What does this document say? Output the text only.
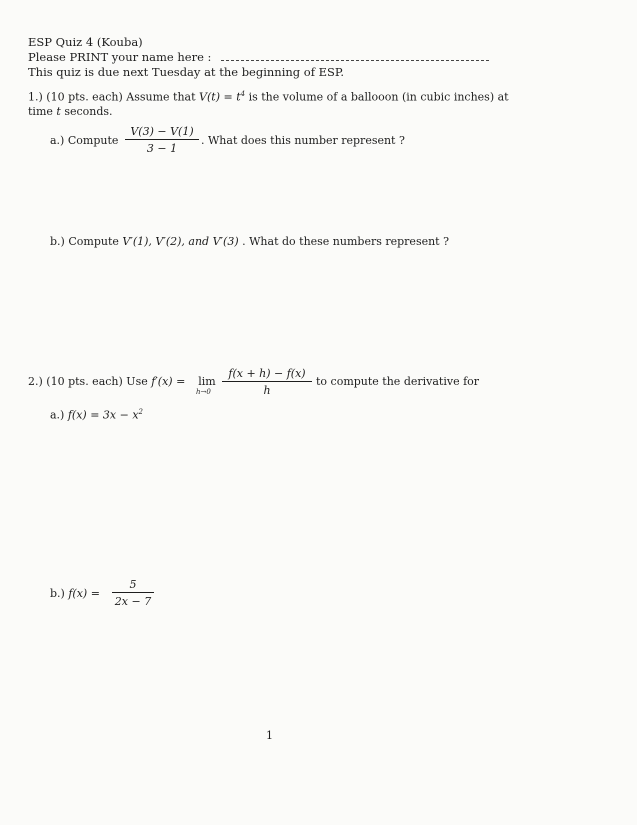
ESP Quiz 4 (Kouba)
Please PRINT your name here :
This quiz is due next Tuesday at the beginning of ESP.
1.) (10 pts. each) Assume that $V(t) = t^4$ is the volume of a ballooon (in cubic inches) at
time t seconds.
a.) Compute
V(3) − V(1)
3 − 1
. What does this number represent ?
b.) Compute V′(1), V′(2), and V′(3) . What do these numbers represent ?
2.) (10 pts. each) Use f′(x) = lim
h→0
f(x + h) − f(x)
h
to compute the derivative for
a.) $f(x) = 3x - x^2$
b.) f(x) =
5
2x − 7
1
